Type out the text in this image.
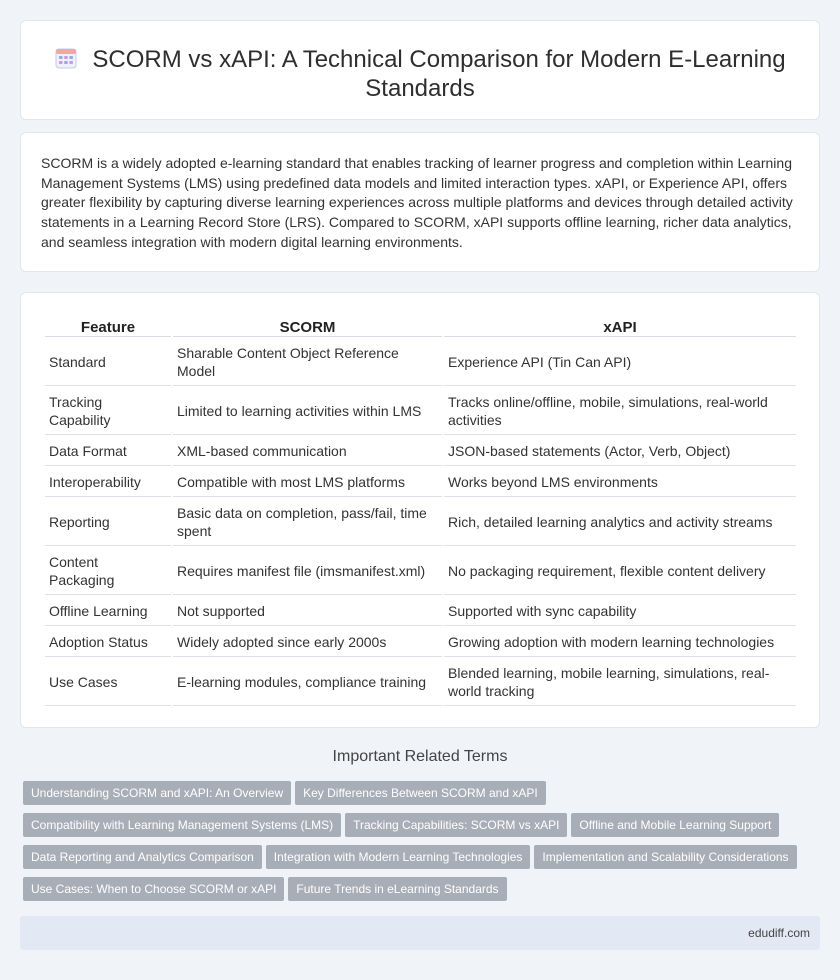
SCORM vs xAPI: A Technical Comparison for Modern E-Learning Standards

SCORM is a widely adopted e-learning standard that enables tracking of learner progress and completion within Learning Management Systems (LMS) using predefined data models and limited interaction types. xAPI, or Experience API, offers greater flexibility by capturing diverse learning experiences across multiple platforms and devices through detailed activity statements in a Learning Record Store (LRS). Compared to SCORM, xAPI supports offline learning, richer data analytics, and seamless integration with modern digital learning environments.

Feature	SCORM	xAPI
Standard	Sharable Content Object Reference Model	Experience API (Tin Can API)
Tracking Capability	Limited to learning activities within LMS	Tracks online/offline, mobile, simulations, real-world activities
Data Format	XML-based communication	JSON-based statements (Actor, Verb, Object)
Interoperability	Compatible with most LMS platforms	Works beyond LMS environments
Reporting	Basic data on completion, pass/fail, time spent	Rich, detailed learning analytics and activity streams
Content Packaging	Requires manifest file (imsmanifest.xml)	No packaging requirement, flexible content delivery
Offline Learning	Not supported	Supported with sync capability
Adoption Status	Widely adopted since early 2000s	Growing adoption with modern learning technologies
Use Cases	E-learning modules, compliance training	Blended learning, mobile learning, simulations, real-world tracking
Important Related Terms
Understanding SCORM and xAPI: An Overview Key Differences Between SCORM and xAPI
Compatibility with Learning Management Systems (LMS) Tracking Capabilities: SCORM vs xAPI Offline and Mobile Learning Support
Data Reporting and Analytics Comparison Integration with Modern Learning Technologies Implementation and Scalability Considerations
Use Cases: When to Choose SCORM or xAPI Future Trends in eLearning Standards
edudiff.com
